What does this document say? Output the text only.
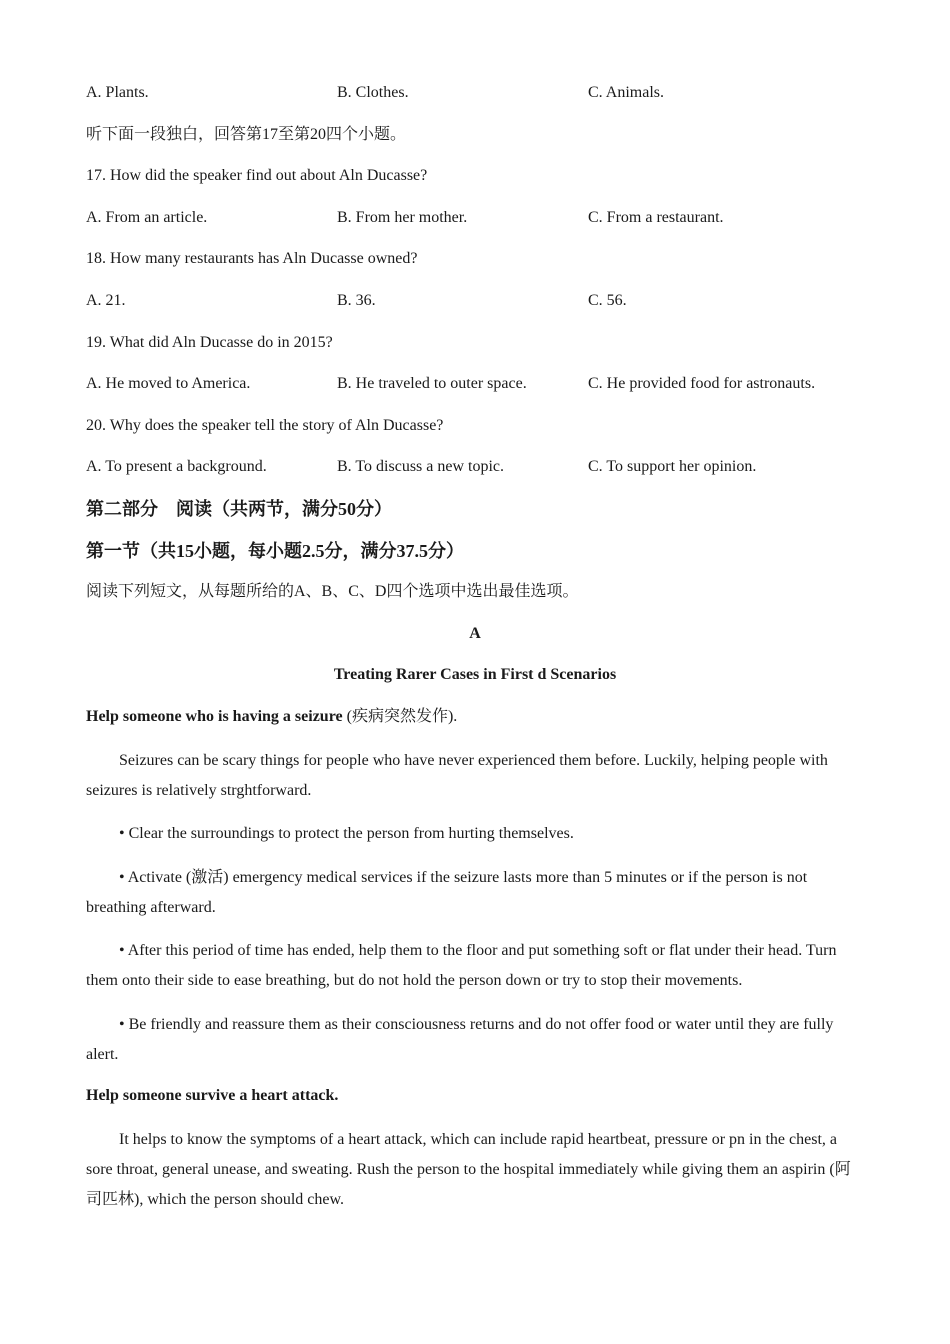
A. Plants.	B. Clothes.	C. Animals.
听下面一段独白，回答第17至第20四个小题。
17. How did the speaker find out about Aln Ducasse?
A. From an article.	B. From her mother.	C. From a restaurant.
18. How many restaurants has Aln Ducasse owned?
A. 21.	B. 36.	C. 56.
19. What did Aln Ducasse do in 2015?
A. He moved to America.	B. He traveled to outer space.	C. He provided food for astronauts.
20. Why does the speaker tell the story of Aln Ducasse?
A. To present a background.	B. To discuss a new topic.	C. To support her opinion.
第二部分　阅读（共两节，满分50分）
第一节（共15小题，每小题2.5分，满分37.5分）
阅读下列短文，从每题所给的A、B、C、D四个选项中选出最佳选项。
A
Treating Rarer Cases in First d Scenarios
Help someone who is having a seizure (疾病突然发作).
Seizures can be scary things for people who have never experienced them before. Luckily, helping people with seizures is relatively strghtforward.
• Clear the surroundings to protect the person from hurting themselves.
• Activate (激活) emergency medical services if the seizure lasts more than 5 minutes or if the person is not breathing afterward.
• After this period of time has ended, help them to the floor and put something soft or flat under their head. Turn them onto their side to ease breathing, but do not hold the person down or try to stop their movements.
• Be friendly and reassure them as their consciousness returns and do not offer food or water until they are fully alert.
Help someone survive a heart attack.
It helps to know the symptoms of a heart attack, which can include rapid heartbeat, pressure or pn in the chest, a sore throat, general unease, and sweating. Rush the person to the hospital immediately while giving them an aspirin (阿司匹林), which the person should chew.
